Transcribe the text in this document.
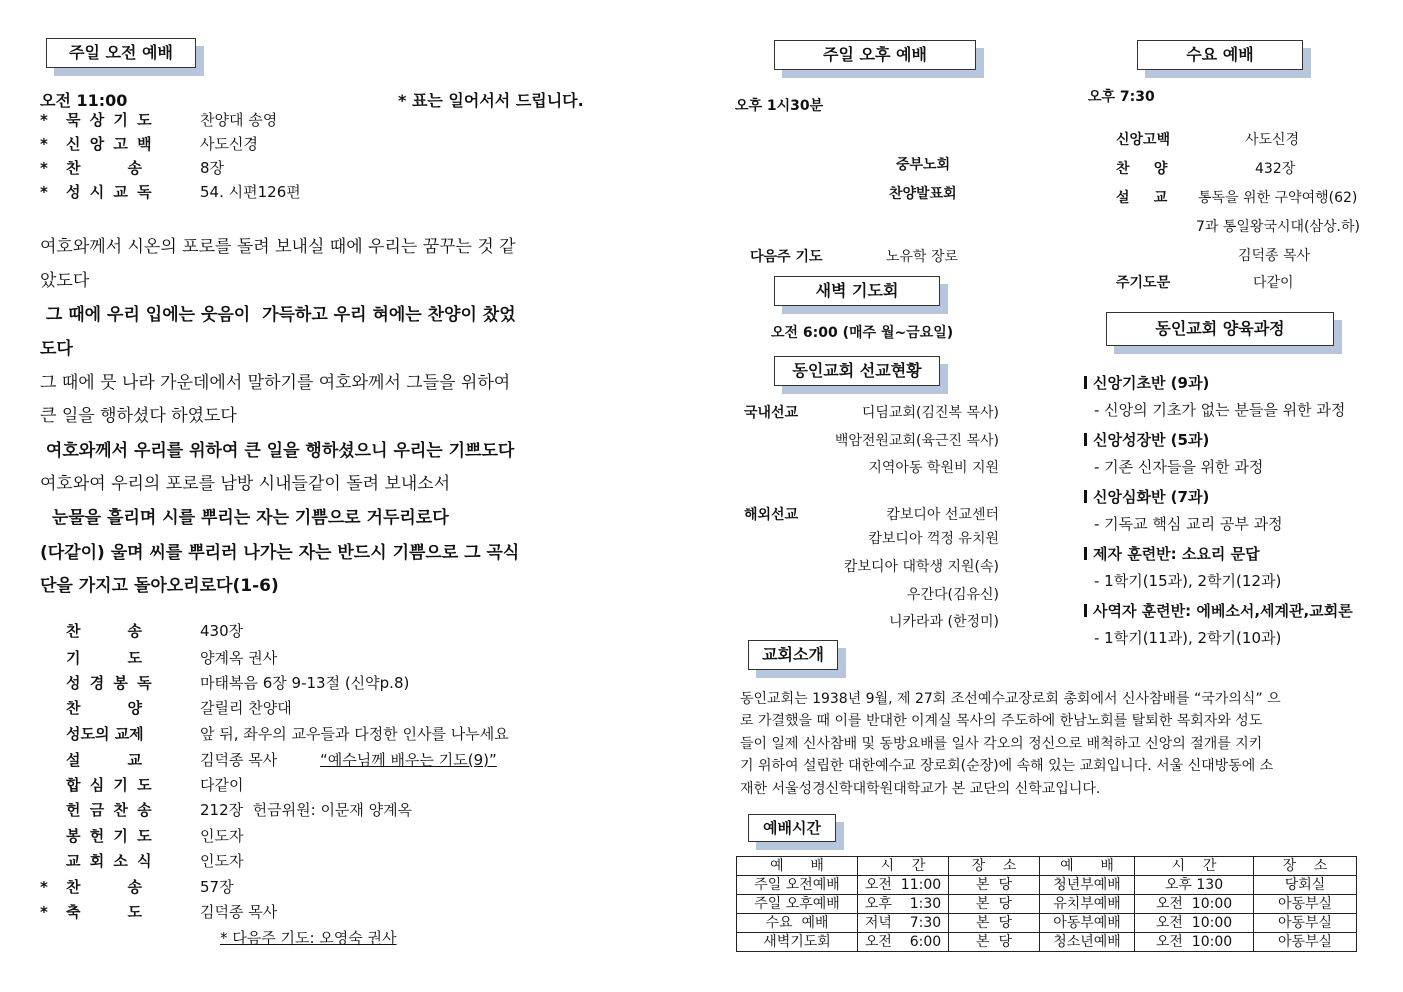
주일 오전 예배
오전 11:00	* 표는 일어서서 드립니다.
* 묵 상 기 도	찬양대 송영
* 신 앙 고 백	사도신경
* 찬         송	8장
* 성 시 교 독	54. 시편126편
여호와께서 시온의 포로를 돌려 보내실 때에 우리는 꿈꾸는 것 같
았도다
그 때에 우리 입에는 웃음이  가득하고 우리 혀에는 찬양이 찼었
도다
그 때에 뭇 나라 가운데에서 말하기를 여호와께서 그들을 위하여
큰 일을 행하셨다 하였도다
여호와께서 우리를 위하여 큰 일을 행하셨으니 우리는 기쁘도다
여호와여 우리의 포로를 남방 시내들같이 돌려 보내소서
눈물을 흘리며 시를 뿌리는 자는 기쁨으로 거두리로다
(다같이) 울며 씨를 뿌리러 나가는 자는 반드시 기쁨으로 그 곡식
단을 가지고 돌아오리로다(1-6)
찬         송	430장
기         도	양계옥 권사
성 경 봉 독	마태복음 6장 9-13절 (신약p.8)
찬         양	갈릴리 찬양대
성도의 교제	앞 뒤, 좌우의 교우들과 다정한 인사를 나누세요
설         교	김덕종 목사	“예수님께 배우는 기도(9)”
합 심 기 도	다같이
헌 금 찬 송	212장  헌금위원: 이문재 양계옥
봉 헌 기 도	인도자
교 회 소 식	인도자
* 찬         송	57장
* 축         도	김덕종 목사
* 다음주 기도: 오영숙 권사
주일 오후 예배
오후 1시30분
중부노회
찬양발표회
다음주 기도	노유학 장로
새벽 기도회
오전 6:00 (매주 월~금요일)
동인교회 선교현황
국내선교	디딤교회(김진복 목사)
백암전원교회(육근진 목사)
지역아동 학원비 지원
해외선교	캄보디아 선교센터
캄보디아 꺽정 유치원
캄보디아 대학생 지원(속)
우간다(김유신)
니카라과 (한정미)
교회소개
동인교회는 1938년 9월, 제 27회 조선예수교장로회 총회에서 신사참배를 “국가의식” 으
로 가결했을 때 이를 반대한 이계실 목사의 주도하에 한남노회를 탈퇴한 목회자와 성도
들이 일제 신사참배 및 동방요배를 일사 각오의 정신으로 배척하고 신앙의 절개를 지키
기 위하여 설립한 대한예수교 장로회(순장)에 속해 있는 교회입니다. 서울 신대방동에 소
재한 서울성경신학대학원대학교가 본 교단의 신학교입니다.
예배시간
예      배	시    간	장    소	예      배	시    간	장    소
주일 오전예배	오전  11:00	본  당	청년부예배	오후 130	당회실
주일 오후예배	오후    1:30	본  당	유치부예배	오전  10:00	아동부실
수요  예배	저녁    7:30	본  당	아동부예배	오전  10:00	아동부실
새벽기도회	오전    6:00	본  당	청소년예배	오전  10:00	아동부실
수요 예배
오후 7:30
신앙고백	사도신경
찬     양	432장
설     교 통독을 위한 구약여행(62)
7과 통일왕국시대(삼상.하)
김덕종 목사
주기도문	다같이
동인교회 양육과정
신앙기초반 (9과)
- 신앙의 기초가 없는 분들을 위한 과정
신앙성장반 (5과)
- 기존 신자들을 위한 과정
신앙심화반 (7과)
- 기독교 핵심 교리 공부 과정
제자 훈련반: 소요리 문답
- 1학기(15과), 2학기(12과)
사역자 훈련반: 에베소서,세계관,교회론
- 1학기(11과), 2학기(10과)
